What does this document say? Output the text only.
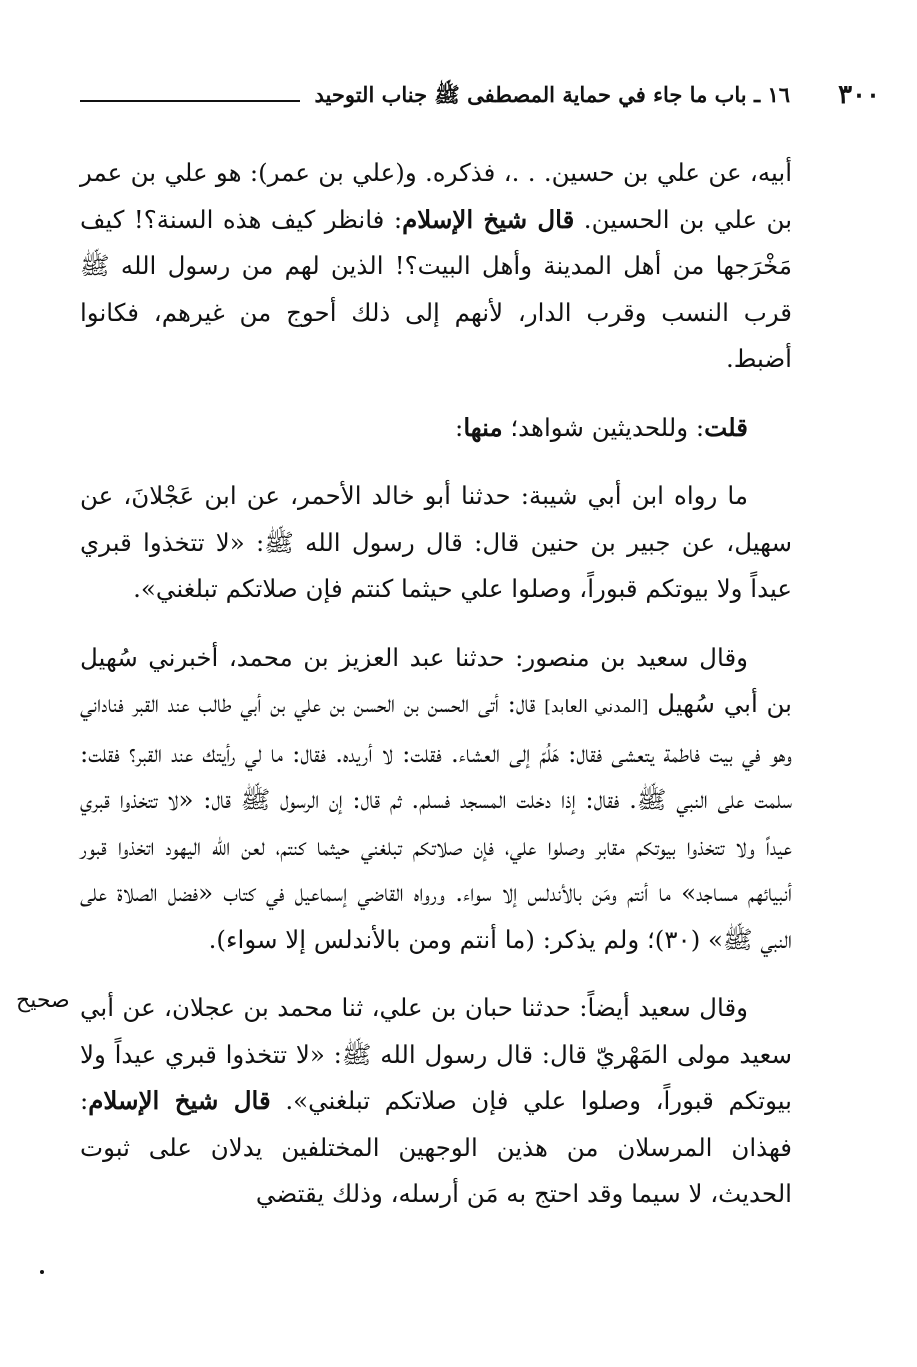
٣٠٠
١٦ ـ باب ما جاء في حماية المصطفى ﷺ جناب التوحيد

أبيه، عن علي بن حسين. . .، فذكره. و(علي بن عمر): هو علي بن عمر بن علي بن الحسين. قال شيخ الإسلام: فانظر كيف هذه السنة؟! كيف مَخْرَجها من أهل المدينة وأهل البيت؟! الذين لهم من رسول الله ﷺ قرب النسب وقرب الدار، لأنهم إلى ذلك أحوج من غيرهم، فكانوا أضبط.

قلت: وللحديثين شواهد؛ منها:

ما رواه ابن أبي شيبة: حدثنا أبو خالد الأحمر، عن ابن عَجْلانَ، عن سهيل، عن جبير بن حنين قال: قال رسول الله ﷺ: «لا تتخذوا قبري عيداً ولا بيوتكم قبوراً، وصلوا علي حيثما كنتم فإن صلاتكم تبلغني».

وقال سعيد بن منصور: حدثنا عبد العزيز بن محمد، أخبرني سُهيل بن أبي سُهيل [المدني العابد] قال: أتى الحسن بن الحسن بن علي بن أبي طالب عند القبر فناداني وهو في بيت فاطمة يتعشى فقال: هَلُمّ إلى العشاء. فقلت: لا أريده. فقال: ما لي رأيتك عند القبر؟ فقلت: سلمت على النبي ﷺ. فقال: إذا دخلت المسجد فسلم. ثم قال: إن الرسول ﷺ قال: «لا تتخذوا قبري عيداً ولا تتخذوا بيوتكم مقابر وصلوا علي، فإن صلاتكم تبلغني حيثما كنتم، لعن الله اليهود اتخذوا قبور أنبيائهم مساجد» ما أنتم ومَن بالأندلس إلا سواء. ورواه القاضي إسماعيل في كتاب «فضل الصلاة على النبي ﷺ» (٣٠)؛ ولم يذكر: (ما أنتم ومن بالأندلس إلا سواء).

وقال سعيد أيضاً: حدثنا حبان بن علي، ثنا محمد بن عجلان، عن أبي سعيد مولى المَهْريّ قال: قال رسول الله ﷺ: «لا تتخذوا قبري عيداً ولا بيوتكم قبوراً، وصلوا علي فإن صلاتكم تبلغني». قال شيخ الإسلام: فهذان المرسلان من هذين الوجهين المختلفين يدلان على ثبوت الحديث، لا سيما وقد احتج به مَن أرسله، وذلك يقتضي

صحيح
